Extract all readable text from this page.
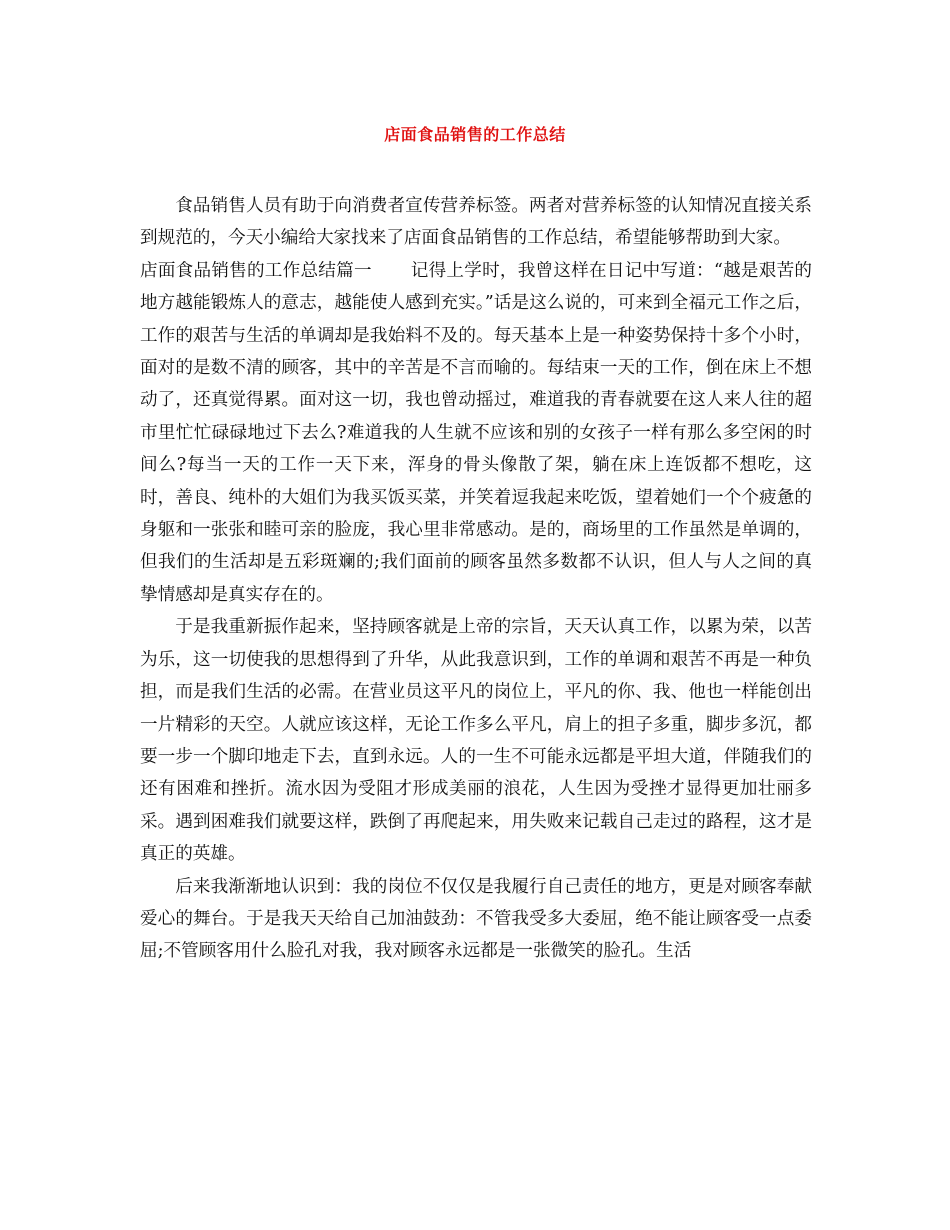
店面食品销售的工作总结

食品销售人员有助于向消费者宣传营养标签。两者对营养标签的认知情况直接关系到规范的，今天小编给大家找来了店面食品销售的工作总结，希望能够帮助到大家。

店面食品销售的工作总结篇一 记得上学时，我曾这样在日记中写道：“越是艰苦的地方越能锻炼人的意志，越能使人感到充实。”话是这么说的，可来到全福元工作之后，工作的艰苦与生活的单调却是我始料不及的。每天基本上是一种姿势保持十多个小时，面对的是数不清的顾客，其中的辛苦是不言而喻的。每结束一天的工作，倒在床上不想动了，还真觉得累。面对这一切，我也曾动摇过，难道我的青春就要在这人来人往的超市里忙忙碌碌地过下去么?难道我的人生就不应该和别的女孩子一样有那么多空闲的时间么?每当一天的工作一天下来，浑身的骨头像散了架，躺在床上连饭都不想吃，这时，善良、纯朴的大姐们为我买饭买菜，并笑着逗我起来吃饭，望着她们一个个疲惫的身躯和一张张和睦可亲的脸庞，我心里非常感动。是的，商场里的工作虽然是单调的，但我们的生活却是五彩斑斓的;我们面前的顾客虽然多数都不认识，但人与人之间的真挚情感却是真实存在的。

于是我重新振作起来，坚持顾客就是上帝的宗旨，天天认真工作，以累为荣，以苦为乐，这一切使我的思想得到了升华，从此我意识到，工作的单调和艰苦不再是一种负担，而是我们生活的必需。在营业员这平凡的岗位上，平凡的你、我、他也一样能创出一片精彩的天空。人就应该这样，无论工作多么平凡，肩上的担子多重，脚步多沉，都要一步一个脚印地走下去，直到永远。人的一生不可能永远都是平坦大道，伴随我们的还有困难和挫折。流水因为受阻才形成美丽的浪花，人生因为受挫才显得更加壮丽多采。遇到困难我们就要这样，跌倒了再爬起来，用失败来记载自己走过的路程，这才是真正的英雄。

后来我渐渐地认识到：我的岗位不仅仅是我履行自己责任的地方，更是对顾客奉献爱心的舞台。于是我天天给自己加油鼓劲：不管我受多大委屈，绝不能让顾客受一点委屈;不管顾客用什么脸孔对我，我对顾客永远都是一张微笑的脸孔。生活
